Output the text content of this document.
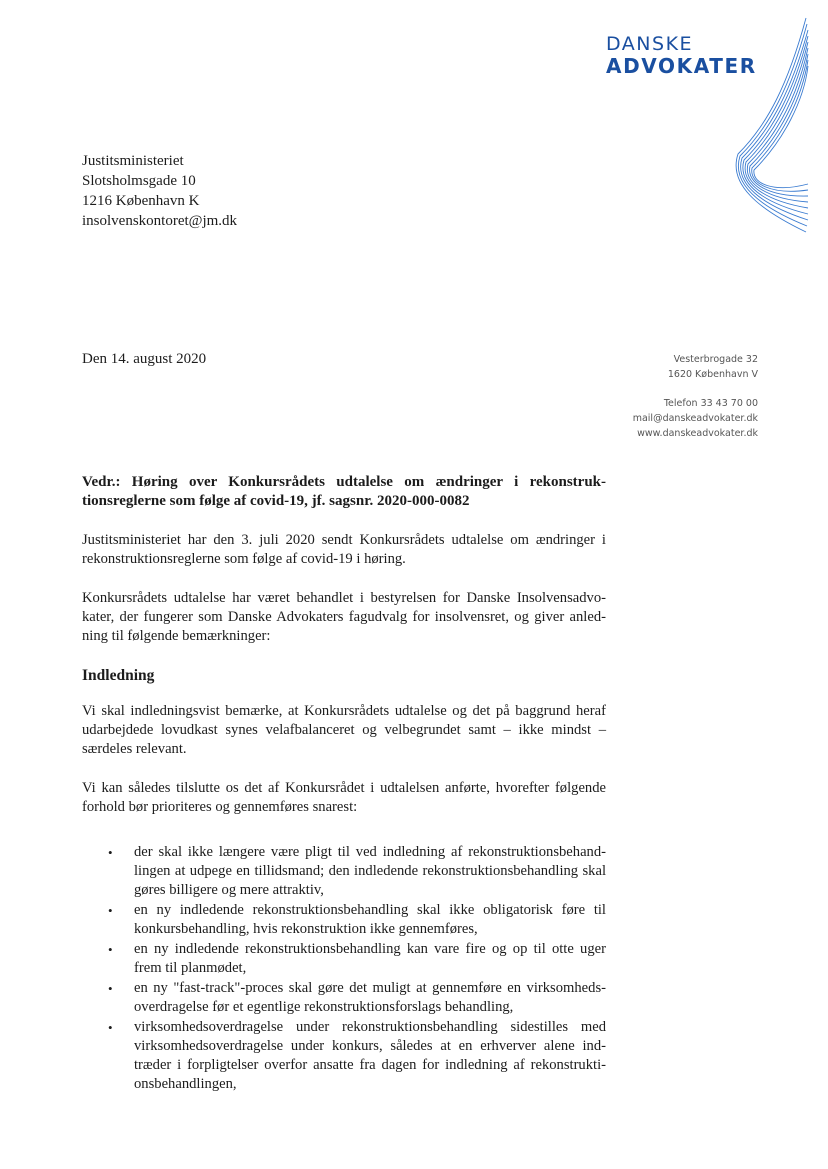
DANSKE
ADVOKATER
Justitsministeriet
Slotsholmsgade 10
1216 København K
insolvenskontoret@jm.dk
Den 14. august 2020	Vesterbrogade 32
1620 København V
Telefon 33 43 70 00
mail@danskeadvokater.dk
www.danskeadvokater.dk

Vedr.: Høring over Konkursrådets udtalelse om ændringer i rekonstruk-tionsreglerne som følge af covid-19, jf. sagsnr. 2020-000-0082

Justitsministeriet har den 3. juli 2020 sendt Konkursrådets udtalelse om ændringer i rekonstruktionsreglerne som følge af covid-19 i høring.

Konkursrådets udtalelse har været behandlet i bestyrelsen for Danske Insolvensadvo-kater, der fungerer som Danske Advokaters fagudvalg for insolvensret, og giver anled-ning til følgende bemærkninger:

Indledning

Vi skal indledningsvist bemærke, at Konkursrådets udtalelse og det på baggrund heraf udarbejdede lovudkast synes velafbalanceret og velbegrundet samt – ikke mindst – særdeles relevant.

Vi kan således tilslutte os det af Konkursrådet i udtalelsen anførte, hvorefter følgende forhold bør prioriteres og gennemføres snarest:

• der skal ikke længere være pligt til ved indledning af rekonstruktionsbehand-lingen at udpege en tillidsmand; den indledende rekonstruktionsbehandling skal gøres billigere og mere attraktiv,
• en ny indledende rekonstruktionsbehandling skal ikke obligatorisk føre til konkursbehandling, hvis rekonstruktion ikke gennemføres,
• en ny indledende rekonstruktionsbehandling kan vare fire og op til otte uger frem til planmødet,
• en ny "fast-track"-proces skal gøre det muligt at gennemføre en virksomheds-overdragelse før et egentlige rekonstruktionsforslags behandling,
• virksomhedsoverdragelse under rekonstruktionsbehandling sidestilles med virksomhedsoverdragelse under konkurs, således at en erhverver alene ind-træder i forpligtelser overfor ansatte fra dagen for indledning af rekonstrukti-onsbehandlingen,
